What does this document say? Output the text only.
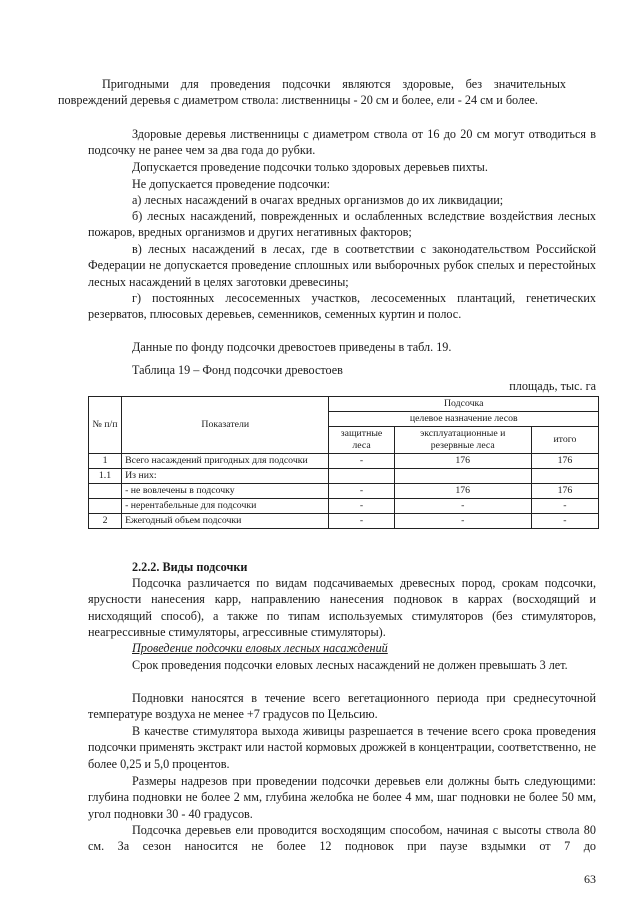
Пригодными для проведения подсочки являются здоровые, без значительных повреждений деревья с диаметром ствола: лиственницы - 20 см и более, ели - 24 см и более.

Здоровые деревья лиственницы с диаметром ствола от 16 до 20 см могут отводиться в подсочку не ранее чем за два года до рубки.

Допускается проведение подсочки только здоровых деревьев пихты.

Не допускается проведение подсочки:

а) лесных насаждений в очагах вредных организмов до их ликвидации;

б) лесных насаждений, поврежденных и ослабленных вследствие воздействия лесных пожаров, вредных организмов и других негативных факторов;

в) лесных насаждений в лесах, где в соответствии с законодательством Российской Федерации не допускается проведение сплошных или выборочных рубок спелых и перестойных лесных насаждений в целях заготовки древесины;

г) постоянных лесосеменных участков, лесосеменных плантаций, генетических резерватов, плюсовых деревьев, семенников, семенных куртин и полос.

Данные по фонду подсочки древостоев приведены в табл. 19.

Таблица 19 – Фонд подсочки древостоев

площадь, тыс. га
№ п/п	Показатели	Подсочка		
		целевое назначение лесов		
		защитные леса	эксплуатационные и резервные леса	итого
1	Всего насаждений пригодных для подсочки	-	176	176
1.1	Из них:			
	- не вовлечены в подсочку	-	176	176
	- нерентабельные для подсочки	-	-	-
2	Ежегодный объем подсочки	-	-	-

2.2.2. Виды подсочки

Подсочка различается по видам подсачиваемых древесных пород, срокам подсочки, ярусности нанесения карр, направлению нанесения подновок в каррах (восходящий и нисходящий способ), а также по типам используемых стимуляторов (без стимуляторов, неагрессивные стимуляторы, агрессивные стимуляторы).

Проведение подсочки еловых лесных насаждений

Срок проведения подсочки еловых лесных насаждений не должен превышать 3 лет.

Подновки наносятся в течение всего вегетационного периода при среднесуточной температуре воздуха не менее +7 градусов по Цельсию.

В качестве стимулятора выхода живицы разрешается в течение всего срока проведения подсочки применять экстракт или настой кормовых дрожжей в концентрации, соответственно, не более 0,25 и 5,0 процентов.

Размеры надрезов при проведении подсочки деревьев ели должны быть следующими: глубина подновки не более 2 мм, глубина желобка не более 4 мм, шаг подновки не более 50 мм, угол подновки 30 - 40 градусов.

Подсочка деревьев ели проводится восходящим способом, начиная с высоты ствола 80 см. За сезон наносится не более 12 подновок при паузе вздымки от 7 до

63
